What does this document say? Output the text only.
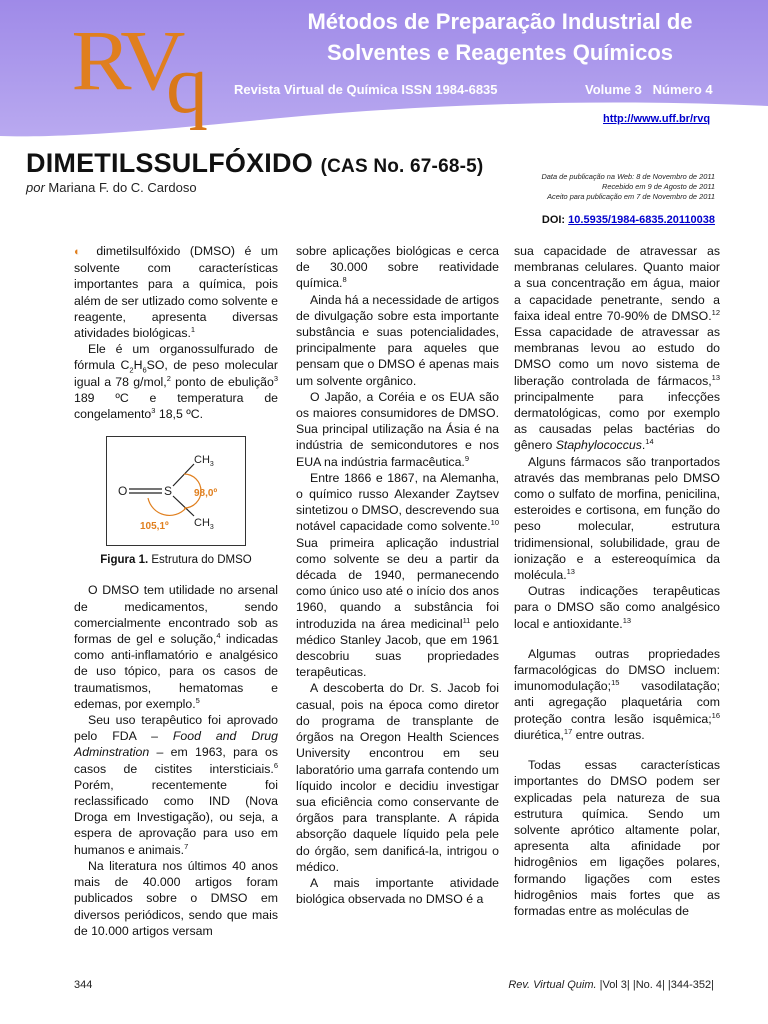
RV
q
Métodos de Preparação Industrial de
Solventes e Reagentes Químicos
Revista Virtual de Química ISSN 1984-6835	Volume 3   Número 4
http://www.uff.br/rvq
DIMETILSSULFÓXIDO (CAS No. 67-68-5)
por Mariana F. do C. Cardoso
Data de publicação na Web: 8 de Novembro de 2011
Recebido em 9 de Agosto de 2011
Aceito para publicação em 7 de Novembro de 2011
DOI: 10.5935/1984-6835.20110038

◐ dimetilsulfóxido (DMSO) é um solvente com características importantes para a química, pois além de ser utlizado como solvente e reagente, apresenta diversas atividades biológicas.$^1$

Ele é um organossulfurado de fórmula $C_2H_6SO$, de peso molecular igual a 78 g/mol,$^2$ ponto de ebulição$^3$ 189 ºC e temperatura de congelamento$^3$ 18,5 ºC.

O	S
$CH_3$
$CH_3$
98,0º
105,1º
Figura 1. Estrutura do DMSO

O DMSO tem utilidade no arsenal de medicamentos, sendo comercialmente encontrado sob as formas de gel e solução,$^4$ indicadas como anti-inflamatório e analgésico de uso tópico, para os casos de traumatismos, hematomas e edemas, por exemplo.$^5$

Seu uso terapêutico foi aprovado pelo FDA – Food and Drug Adminstration – em 1963, para os casos de cistites intersticiais.$^6$ Porém, recentemente foi reclassificado como IND (Nova Droga em Investigação), ou seja, a espera de aprovação para uso em humanos e animais.$^7$

Na literatura nos últimos 40 anos mais de 40.000 artigos foram publicados sobre o DMSO em diversos periódicos, sendo que mais de 10.000 artigos versam

sobre aplicações biológicas e cerca de 30.000 sobre reatividade química.$^8$

Ainda há a necessidade de artigos de divulgação sobre esta importante substância e suas potencialidades, principalmente para aqueles que pensam que o DMSO é apenas mais um solvente orgânico.

O Japão, a Coréia e os EUA são os maiores consumidores de DMSO. Sua principal utilização na Ásia é na indústria de semicondutores e nos EUA na indústria farmacêutica.$^9$

Entre 1866 e 1867, na Alemanha, o químico russo Alexander Zaytsev sintetizou o DMSO, descrevendo sua notável capacidade como solvente.$^{10}$ Sua primeira aplicação industrial como solvente se deu a partir da década de 1940, permanecendo como único uso até o início dos anos 1960, quando a substância foi introduzida na área medicinal$^{11}$ pelo médico Stanley Jacob, que em 1961 descobriu suas propriedades terapêuticas.

A descoberta do Dr. S. Jacob foi casual, pois na época como diretor do programa de transplante de órgãos na Oregon Health Sciences University encontrou em seu laboratório uma garrafa contendo um líquido incolor e decidiu investigar sua eficiência como conservante de órgãos para transplante. A rápida absorção daquele líquido pela pele do órgão, sem danificá-la, intrigou o médico.

A mais importante atividade biológica observada no DMSO é a

sua capacidade de atravessar as membranas celulares. Quanto maior a sua concentração em água, maior a capacidade penetrante, sendo a faixa ideal entre 70-90% de DMSO.$^{12}$ Essa capacidade de atravessar as membranas levou ao estudo do DMSO como um novo sistema de liberação controlada de fármacos,$^{13}$ principalmente para infecções dermatológicas, como por exemplo as causadas pelas bactérias do gênero Staphylococcus.$^{14}$

Alguns fármacos são tranportados através das membranas pelo DMSO como o sulfato de morfina, penicilina, esteroides e cortisona, em função do peso molecular, estrutura tridimensional, solubilidade, grau de ionização e a estereoquímica da molécula.$^{13}$

Outras indicações terapêuticas para o DMSO são como analgésico local e antioxidante.$^{13}$

Algumas outras propriedades farmacológicas do DMSO incluem: imunomodulação;$^{15}$ vasodilatação; anti agregação plaquetária com proteção contra lesão isquêmica;$^{16}$ diurética,$^{17}$ entre outras.

Todas essas características importantes do DMSO podem ser explicadas pela natureza de sua estrutura química. Sendo um solvente aprótico altamente polar, apresenta alta afinidade por hidrogênios em ligações polares, formando ligações com estes hidrogênios mais fortes que as formadas entre as moléculas de

344	Rev. Virtual Quim. |Vol 3| |No. 4| |344-352|
